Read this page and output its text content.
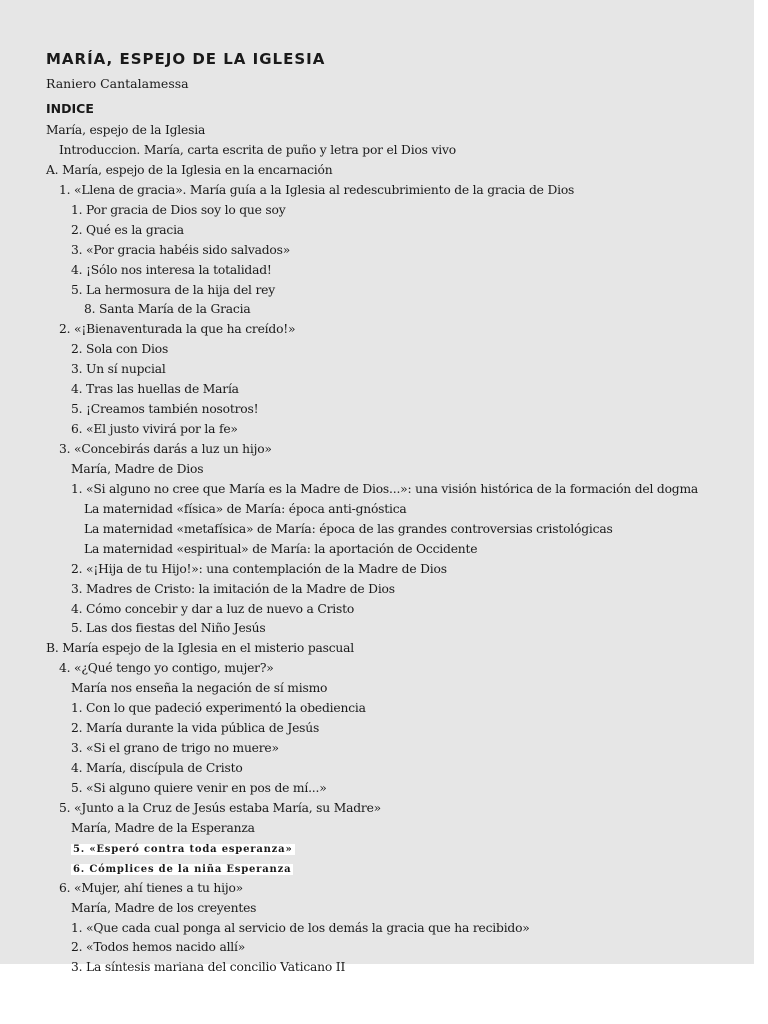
MARÍA, ESPEJO DE LA IGLESIA
Raniero Cantalamessa
INDICE
María, espejo de la Iglesia
Introduccion. María, carta escrita de puño y letra por el Dios vivo
A. María, espejo de la Iglesia en la encarnación
1. «Llena de gracia». María guía a la Iglesia al redescubrimiento de la gracia de Dios
1. Por gracia de Dios soy lo que soy
2. Qué es la gracia
3. «Por gracia habéis sido salvados»
4. ¡Sólo nos interesa la totalidad!
5. La hermosura de la hija del rey
8. Santa María de la Gracia
2. «¡Bienaventurada la que ha creído!»
2. Sola con Dios
3. Un sí nupcial
4. Tras las huellas de María
5. ¡Creamos también nosotros!
6. «El justo vivirá por la fe»
3. «Concebirás darás a luz un hijo»
María, Madre de Dios
1. «Si alguno no cree que María es la Madre de Dios...»: una visión histórica de la formación del dogma
La maternidad «física» de María: época anti-gnóstica
La maternidad «metafísica» de María: época de las grandes controversias cristológicas
La maternidad «espiritual» de María: la aportación de Occidente
2. «¡Hija de tu Hijo!»: una contemplación de la Madre de Dios
3. Madres de Cristo: la imitación de la Madre de Dios
4. Cómo concebir y dar a luz de nuevo a Cristo
5. Las dos fiestas del Niño Jesús
B. María espejo de la Iglesia en el misterio pascual
4. «¿Qué tengo yo contigo, mujer?»
María nos enseña la negación de sí mismo
1. Con lo que padeció experimentó la obediencia
2. María durante la vida pública de Jesús
3. «Si el grano de trigo no muere»
4. María, discípula de Cristo
5. «Si alguno quiere venir en pos de mí...»
5. «Junto a la Cruz de Jesús estaba María, su Madre»
María, Madre de la Esperanza
5. «Esperó contra toda esperanza»
6. Cómplices de la niña Esperanza
6. «Mujer, ahí tienes a tu hijo»
María, Madre de los creyentes
1. «Que cada cual ponga al servicio de los demás la gracia que ha recibido»
2. «Todos hemos nacido allí»
3. La síntesis mariana del concilio Vaticano II
